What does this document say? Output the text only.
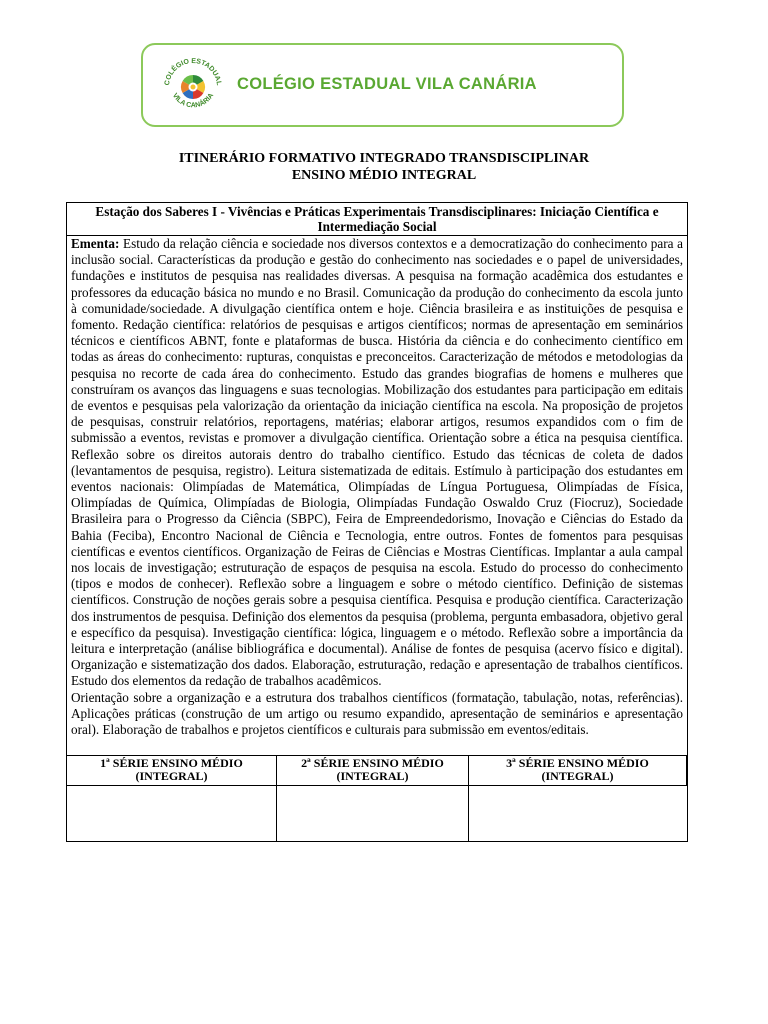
COLÉGIO ESTADUAL
VILA CANÁRIA
COLÉGIO ESTADUAL VILA CANÁRIA
ITINERÁRIO FORMATIVO INTEGRADO TRANSDISCIPLINAR
ENSINO MÉDIO INTEGRAL
Estação dos Saberes I - Vivências e Práticas Experimentais Transdisciplinares: Iniciação Científica e Intermediação Social

Ementa: Estudo da relação ciência e sociedade nos diversos contextos e a democratização do conhecimento para a inclusão social. Características da produção e gestão do conhecimento nas sociedades e o papel de universidades, fundações e institutos de pesquisa nas realidades diversas. A pesquisa na formação acadêmica dos estudantes e professores da educação básica no mundo e no Brasil. Comunicação da produção do conhecimento da escola junto à comunidade/sociedade. A divulgação científica ontem e hoje. Ciência brasileira e as instituições de pesquisa e fomento. Redação científica: relatórios de pesquisas e artigos científicos; normas de apresentação em seminários técnicos e científicos ABNT, fonte e plataformas de busca. História da ciência e do conhecimento científico em todas as áreas do conhecimento: rupturas, conquistas e preconceitos. Caracterização de métodos e metodologias da pesquisa no recorte de cada área do conhecimento. Estudo das grandes biografias de homens e mulheres que construíram os avanços das linguagens e suas tecnologias. Mobilização dos estudantes para participação em editais de eventos e pesquisas pela valorização da orientação da iniciação científica na escola. Na proposição de projetos de pesquisas, construir relatórios, reportagens, matérias; elaborar artigos, resumos expandidos com o fim de submissão a eventos, revistas e promover a divulgação científica. Orientação sobre a ética na pesquisa científica. Reflexão sobre os direitos autorais dentro do trabalho científico. Estudo das técnicas de coleta de dados (levantamentos de pesquisa, registro). Leitura sistematizada de editais. Estímulo à participação dos estudantes em eventos nacionais: Olimpíadas de Matemática, Olimpíadas de Língua Portuguesa, Olimpíadas de Física, Olimpíadas de Química, Olimpíadas de Biologia, Olimpíadas Fundação Oswaldo Cruz (Fiocruz), Sociedade Brasileira para o Progresso da Ciência (SBPC), Feira de Empreendedorismo, Inovação e Ciências do Estado da Bahia (Feciba), Encontro Nacional de Ciência e Tecnologia, entre outros. Fontes de fomentos para pesquisas científicas e eventos científicos. Organização de Feiras de Ciências e Mostras Científicas. Implantar a aula campal nos locais de investigação; estruturação de espaços de pesquisa na escola. Estudo do processo do conhecimento (tipos e modos de conhecer). Reflexão sobre a linguagem e sobre o método científico. Definição de sistemas científicos. Construção de noções gerais sobre a pesquisa científica. Pesquisa e produção científica. Caracterização dos instrumentos de pesquisa. Definição dos elementos da pesquisa (problema, pergunta embasadora, objetivo geral e específico da pesquisa). Investigação científica: lógica, linguagem e o método. Reflexão sobre a importância da leitura e interpretação (análise bibliográfica e documental). Análise de fontes de pesquisa (acervo físico e digital). Organização e sistematização dos dados. Elaboração, estruturação, redação e apresentação de trabalhos científicos. Estudo dos elementos da redação de trabalhos acadêmicos.

Orientação sobre a organização e a estrutura dos trabalhos científicos (formatação, tabulação, notas, referências). Aplicações práticas (construção de um artigo ou resumo expandido, apresentação de seminários e apresentação oral). Elaboração de trabalhos e projetos científicos e culturais para submissão em eventos/editais.

1ª SÉRIE ENSINO MÉDIO
(INTEGRAL)
2ª SÉRIE ENSINO MÉDIO
(INTEGRAL)
3ª SÉRIE ENSINO MÉDIO
(INTEGRAL)
